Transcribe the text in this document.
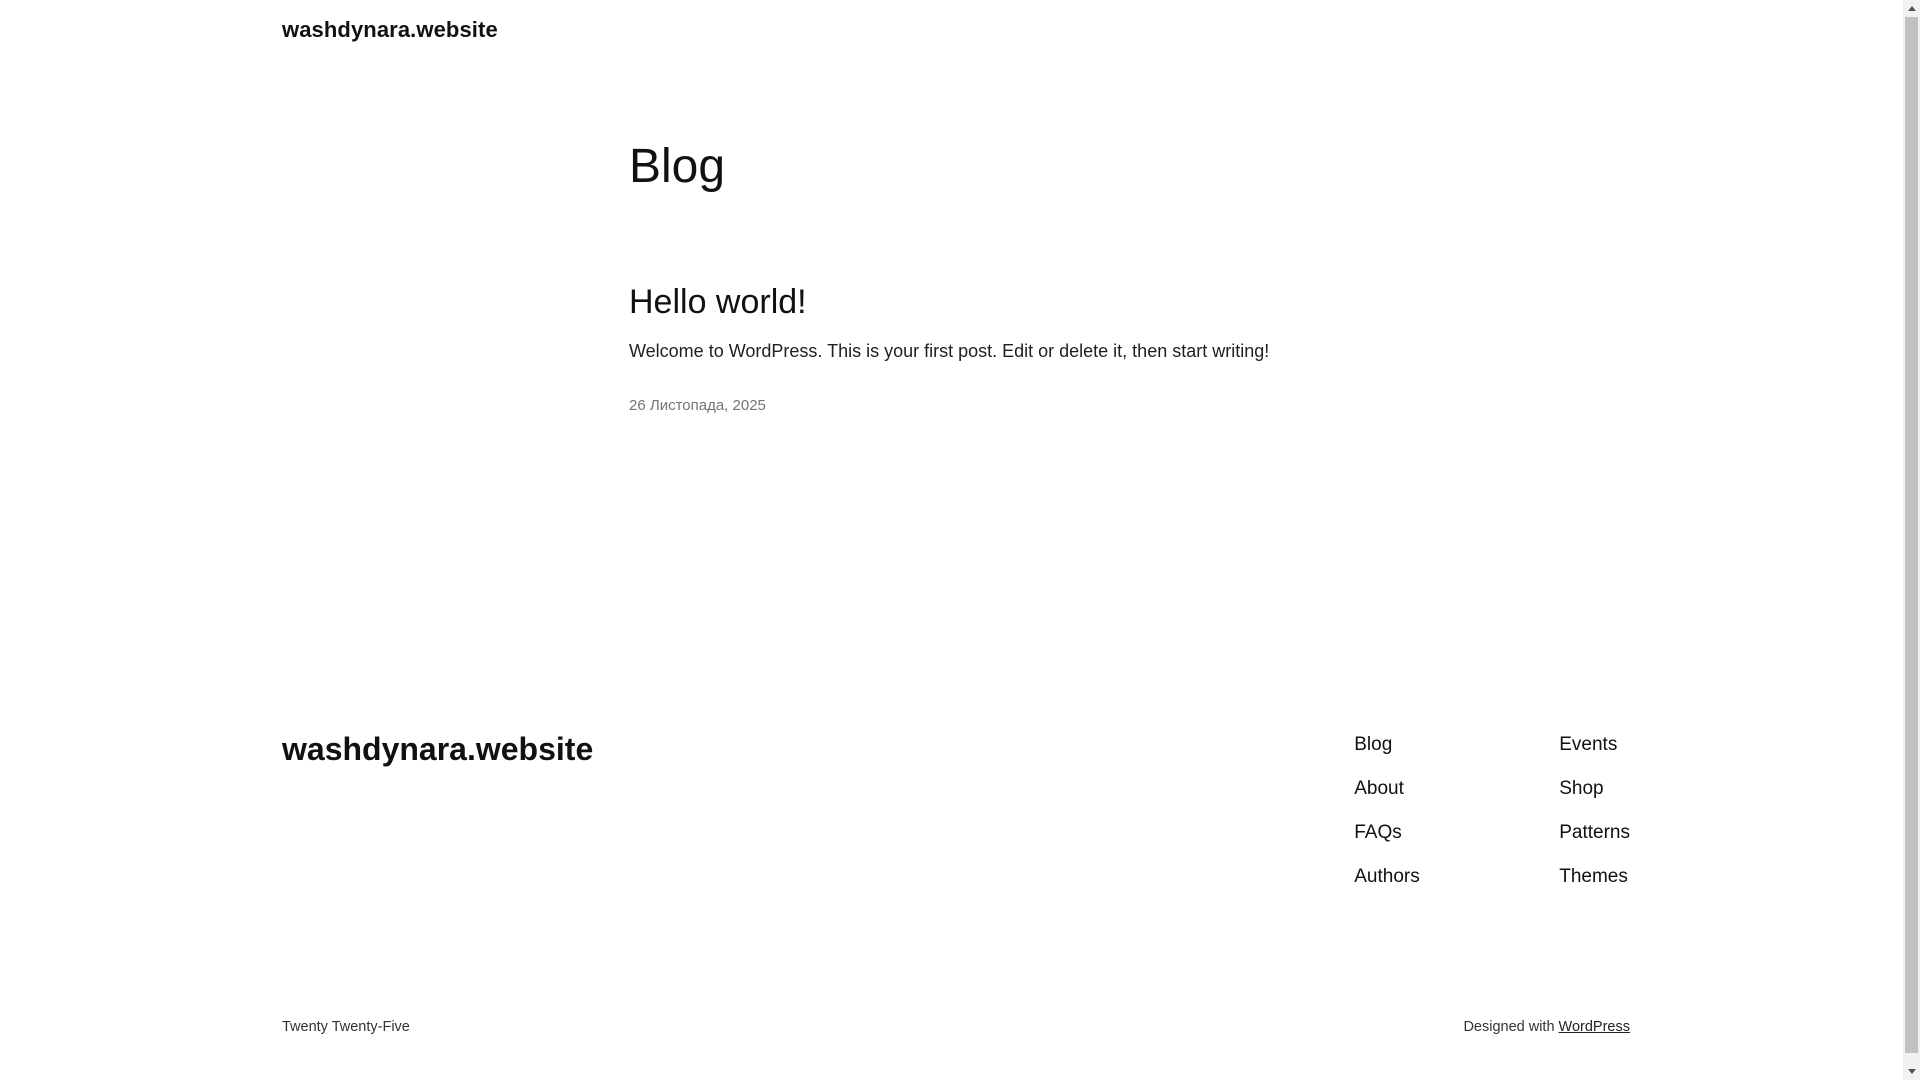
washdynara.website
Blog
Hello world!

Welcome to WordPress. This is your first post. Edit or delete it, then start writing!

26 Листопада, 2025
washdynara.website	Blog
About
FAQs
Authors
Events
Shop
Patterns
Themes
Twenty Twenty-Five	Designed with WordPress
